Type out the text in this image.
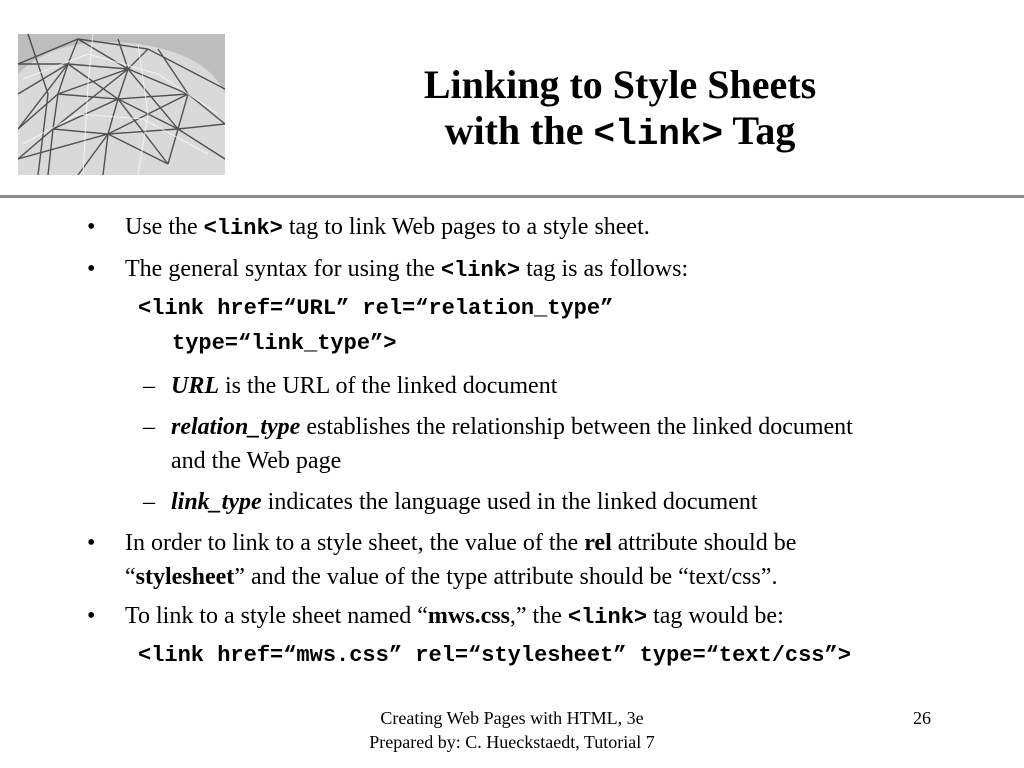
Linking to Style Sheets
with the <link> Tag
• Use the <link> tag to link Web pages to a style sheet.
• The general syntax for using the <link> tag is as follows:
<link href=“URL” rel=“relation_type”
type=“link_type”>
– URL is the URL of the linked document
– relation_type establishes the relationship between the linked document
and the Web page
– link_type indicates the language used in the linked document
• In order to link to a style sheet, the value of the rel attribute should be
“stylesheet” and the value of the type attribute should be “text/css”.
• To link to a style sheet named “mws.css,” the <link> tag would be:
<link href=“mws.css” rel=“stylesheet” type=“text/css”>
Creating Web Pages with HTML, 3e
Prepared by: C. Hueckstaedt, Tutorial 7
26
